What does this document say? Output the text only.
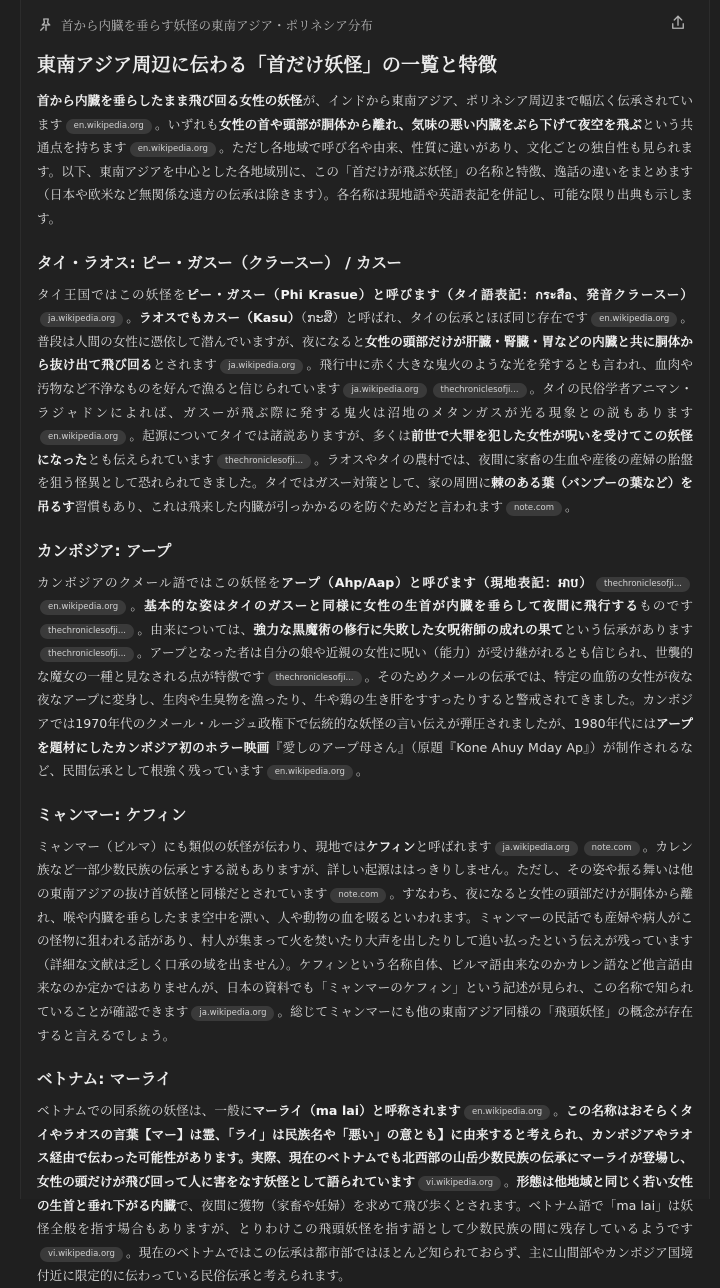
首から内臓を垂らす妖怪の東南アジア・ポリネシア分布
東南アジア周辺に伝わる「首だけ妖怪」の一覧と特徴

首から内臓を垂らしたまま飛び回る女性の妖怪が、インドから東南アジア、ポリネシア周辺まで幅広く伝承されています en.wikipedia.org 。いずれも女性の首や頭部が胴体から離れ、気味の悪い内臓をぶら下げて夜空を飛ぶという共通点を持ちます en.wikipedia.org 。ただし各地域で呼び名や由来、性質に違いがあり、文化ごとの独自性も見られます。以下、東南アジアを中心とした各地域別に、この「首だけが飛ぶ妖怪」の名称と特徴、逸話の違いをまとめます（日本や欧米など無関係な遠方の伝承は除きます）。各名称は現地語や英語表記を併記し、可能な限り出典も示します。

タイ・ラオス: ピー・ガスー（クラースー） / カスー

タイ王国ではこの妖怪をピー・ガスー（Phi Krasue）と呼びます（タイ語表記：กระสือ、発音クラースー）ja.wikipedia.org 。ラオスでもカスー（Kasu）（ກະສື）と呼ばれ、タイの伝承とほぼ同じ存在です en.wikipedia.org 。普段は人間の女性に憑依して潜んでいますが、夜になると女性の頭部だけが肝臓・腎臓・胃などの内臓と共に胴体から抜け出て飛び回るとされます ja.wikipedia.org 。飛行中に赤く大きな鬼火のような光を発するとも言われ、血肉や汚物など不浄なものを好んで漁ると信じられています ja.wikipedia.org	thechroniclesofji... 。タイの民俗学者アニマン・ラジャドンによれば、ガスーが飛ぶ際に発する鬼火は沼地のメタンガスが光る現象との説もありますen.wikipedia.org 。起源についてタイでは諸説ありますが、多くは前世で大罪を犯した女性が呪いを受けてこの妖怪になったとも伝えられています thechroniclesofji... 。ラオスやタイの農村では、夜間に家畜の生血や産後の産婦の胎盤を狙う怪異として恐れられてきました。タイではガスー対策として、家の周囲に棘のある葉（バンブーの葉など）を吊るす習慣もあり、これは飛来した内臓が引っかかるのを防ぐためだと言われます note.com 。

カンボジア: アープ

カンボジアのクメール語ではこの妖怪をアープ（Ahp/Aap）と呼びます（現地表記：អាប） thechroniclesofji...en.wikipedia.org 。基本的な姿はタイのガスーと同様に女性の生首が内臓を垂らして夜間に飛行するものですthechroniclesofji... 。由来については、強力な黒魔術の修行に失敗した女呪術師の成れの果てという伝承がありますthechroniclesofji... 。アープとなった者は自分の娘や近親の女性に呪い（能力）が受け継がれるとも信じられ、世襲的な魔女の一種と見なされる点が特徴です thechroniclesofji... 。そのためクメールの伝承では、特定の血筋の女性が夜な夜なアープに変身し、生肉や生臭物を漁ったり、牛や鶏の生き肝をすすったりすると警戒されてきました。カンボジアでは1970年代のクメール・ルージュ政権下で伝統的な妖怪の言い伝えが弾圧されましたが、1980年代にはアープを題材にしたカンボジア初のホラー映画『愛しのアープ母さん』（原題『Kone Ahuy Mday Ap』）が制作されるなど、民間伝承として根強く残っています en.wikipedia.org 。

ミャンマー: ケフィン

ミャンマー（ビルマ）にも類似の妖怪が伝わり、現地ではケフィンと呼ばれます ja.wikipedia.org	note.com 。カレン族など一部少数民族の伝承とする説もありますが、詳しい起源ははっきりしません。ただし、その姿や振る舞いは他の東南アジアの抜け首妖怪と同様だとされています note.com 。すなわち、夜になると女性の頭部だけが胴体から離れ、喉や内臓を垂らしたまま空中を漂い、人や動物の血を啜るといわれます。ミャンマーの民話でも産婦や病人がこの怪物に狙われる話があり、村人が集まって火を焚いたり大声を出したりして追い払ったという伝えが残っています（詳細な文献は乏しく口承の域を出ません）。ケフィンという名称自体、ビルマ語由来なのかカレン語など他言語由来なのか定かではありませんが、日本の資料でも「ミャンマーのケフィン」という記述が見られ、この名称で知られていることが確認できます ja.wikipedia.org 。総じてミャンマーにも他の東南アジア同様の「飛頭妖怪」の概念が存在すると言えるでしょう。

ベトナム: マーライ

ベトナムでの同系統の妖怪は、一般にマーライ（ma lai）と呼称されます en.wikipedia.org 。この名称はおそらくタイやラオスの言葉【マー】は霊、「ライ」は民族名や「悪い」の意とも】に由来すると考えられ、カンボジアやラオス経由で伝わった可能性があります。実際、現在のベトナムでも北西部の山岳少数民族の伝承にマーライが登場し、女性の頭だけが飛び回って人に害をなす妖怪として語られています vi.wikipedia.org 。形態は他地域と同じく若い女性の生首と垂れ下がる内臓で、夜間に獲物（家畜や妊婦）を求めて飛び歩くとされます。ベトナム語で「ma lai」は妖怪全般を指す場合もありますが、とりわけこの飛頭妖怪を指す語として少数民族の間に残存しているようですvi.wikipedia.org 。現在のベトナムではこの伝承は都市部ではほとんど知られておらず、主に山間部やカンボジア国境付近に限定的に伝わっている民俗伝承と考えられます。
